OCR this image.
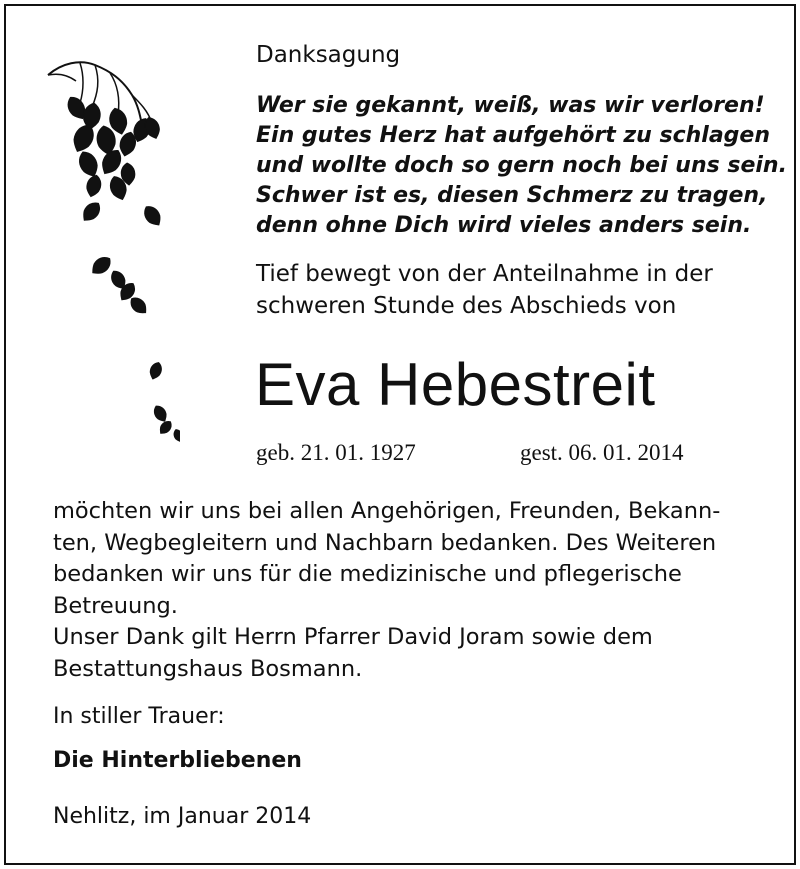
Danksagung
Wer sie gekannt, weiß, was wir verloren!
Ein gutes Herz hat aufgehört zu schlagen
und wollte doch so gern noch bei uns sein.
Schwer ist es, diesen Schmerz zu tragen,
denn ohne Dich wird vieles anders sein.
Tief bewegt von der Anteilnahme in der
schweren Stunde des Abschieds von
Eva Hebestreit
geb. 21. 01. 1927	gest. 06. 01. 2014
möchten wir uns bei allen Angehörigen, Freunden, Bekann-
ten, Wegbegleitern und Nachbarn bedanken. Des Weiteren
bedanken wir uns für die medizinische und pflegerische
Betreuung.
Unser Dank gilt Herrn Pfarrer David Joram sowie dem
Bestattungshaus Bosmann.
In stiller Trauer:
Die Hinterbliebenen
Nehlitz, im Januar 2014
